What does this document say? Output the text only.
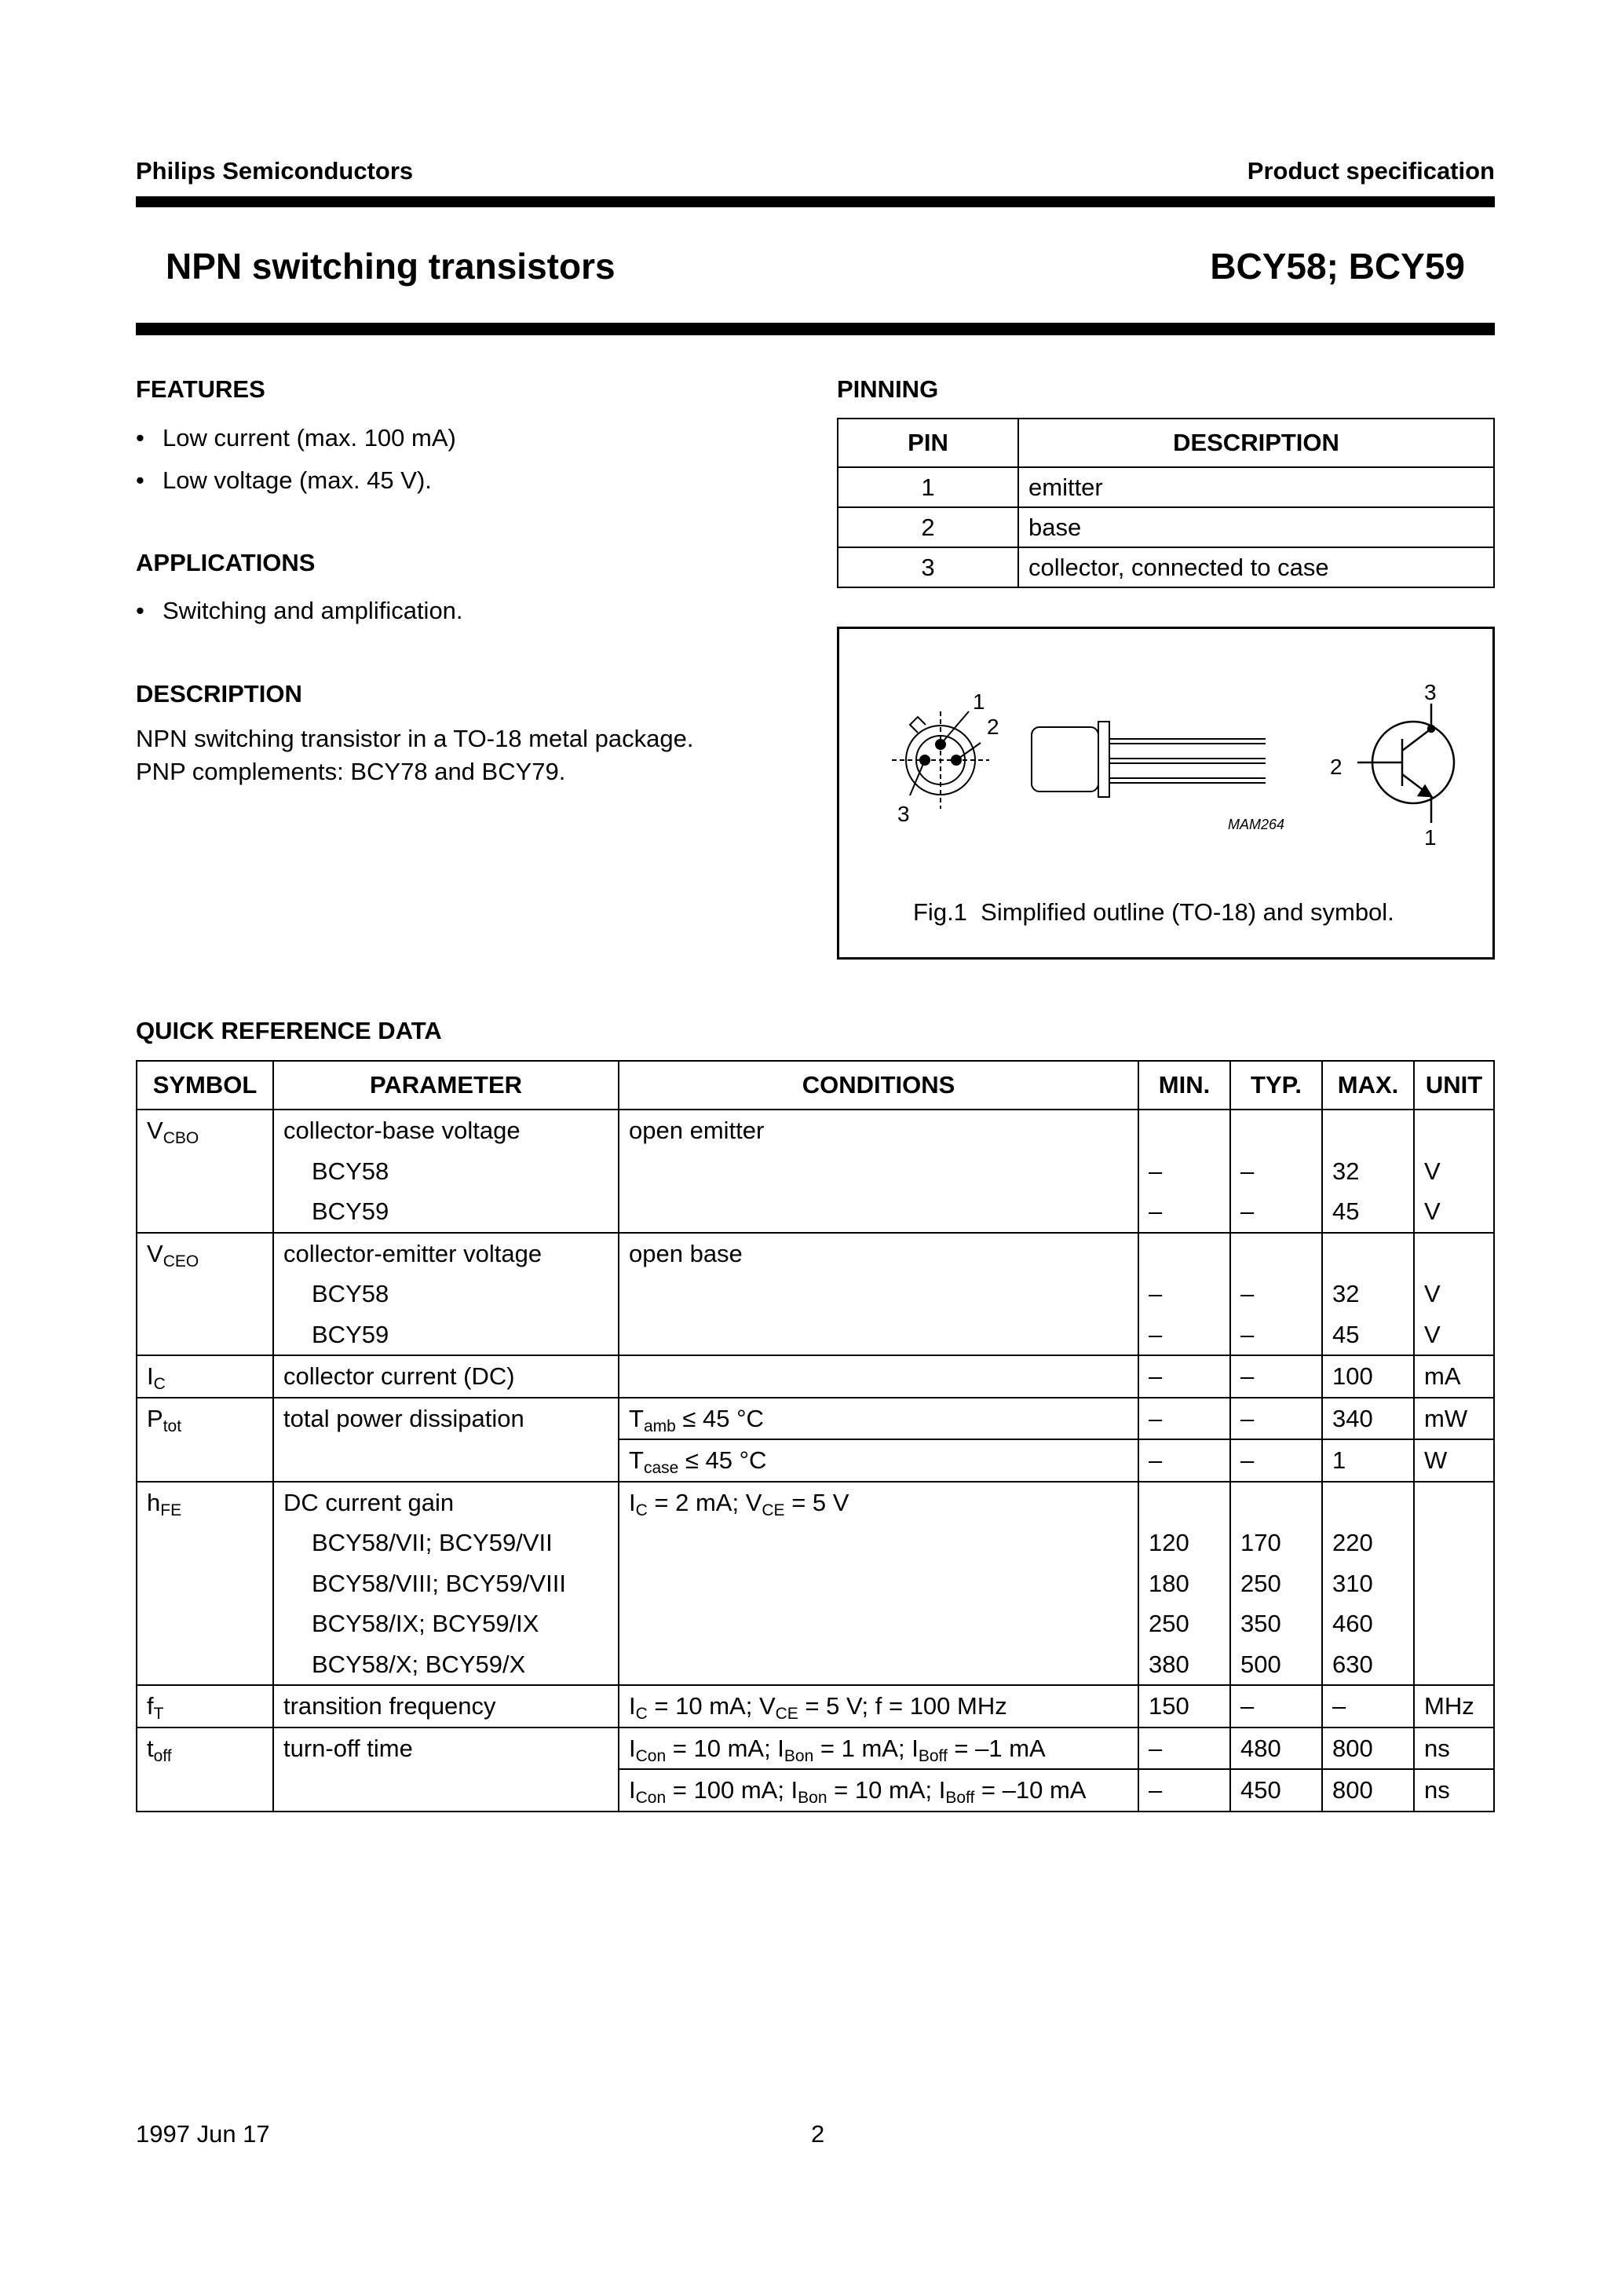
Philips Semiconductors	Product specification
NPN switching transistors	BCY58; BCY59
FEATURES
• Low current (max. 100 mA)
• Low voltage (max. 45 V).
APPLICATIONS
• Switching and amplification.
DESCRIPTION
NPN switching transistor in a TO-18 metal package.
PNP complements: BCY78 and BCY79.
PINNING
PIN	DESCRIPTION
1	emitter
2	base
3	collector, connected to case
1
2
3	MAM264
3
2
1
Fig.1  Simplified outline (TO-18) and symbol.
QUICK REFERENCE DATA
SYMBOL	PARAMETER	CONDITIONS	MIN.	TYP.	MAX.	UNIT
$V_{CBO}$	collector-base voltage	open emitter				
	BCY58		–	–	32	V
	BCY59		–	–	45	V
$V_{CEO}$	collector-emitter voltage	open base				
	BCY58		–	–	32	V
	BCY59		–	–	45	V
$I_C$	collector current (DC)		–	–	100	mA
$P_{tot}$	total power dissipation	$T_{amb} \le 45$ °C	–	–	340	mW
		$T_{case} \le 45$ °C	–	–	1	W
$h_{FE}$	DC current gain	$I_C = 2$ mA; $V_{CE} = 5$ V				
	BCY58/VII; BCY59/VII		120	170	220	
	BCY58/VIII; BCY59/VIII		180	250	310	
	BCY58/IX; BCY59/IX		250	350	460	
	BCY58/X; BCY59/X		380	500	630	
$f_T$	transition frequency	$I_C = 10$ mA; $V_{CE} = 5$ V; f = 100 MHz	150	–	–	MHz
$t_{off}$	turn-off time	$I_{Con} = 10$ mA; $I_{Bon} = 1$ mA; $I_{Boff} = -1$ mA	–	480	800	ns
		$I_{Con} = 100$ mA; $I_{Bon} = 10$ mA; $I_{Boff} = -10$ mA	–	450	800	ns
1997 Jun 17	2
